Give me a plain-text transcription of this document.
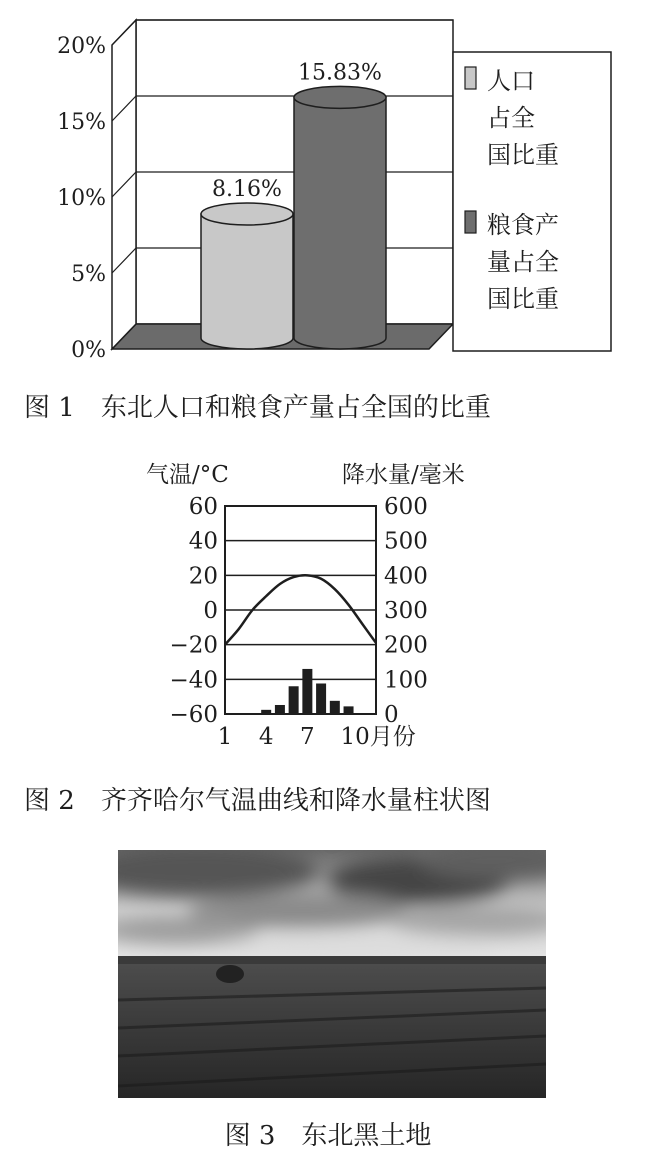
0%
5%
10%
15%
20%
8.16%
15.83%	人口
占全
国比重
粮食产
量占全
国比重
图 1 东北人口和粮食产量占全国的比重
气温/°C	降水量/毫米
60
40
20
0
−20
−40
−60
600
500
400
300
200
100
0
1 4 7 10月份
图 2 齐齐哈尔气温曲线和降水量柱状图
图 3 东北黑土地
